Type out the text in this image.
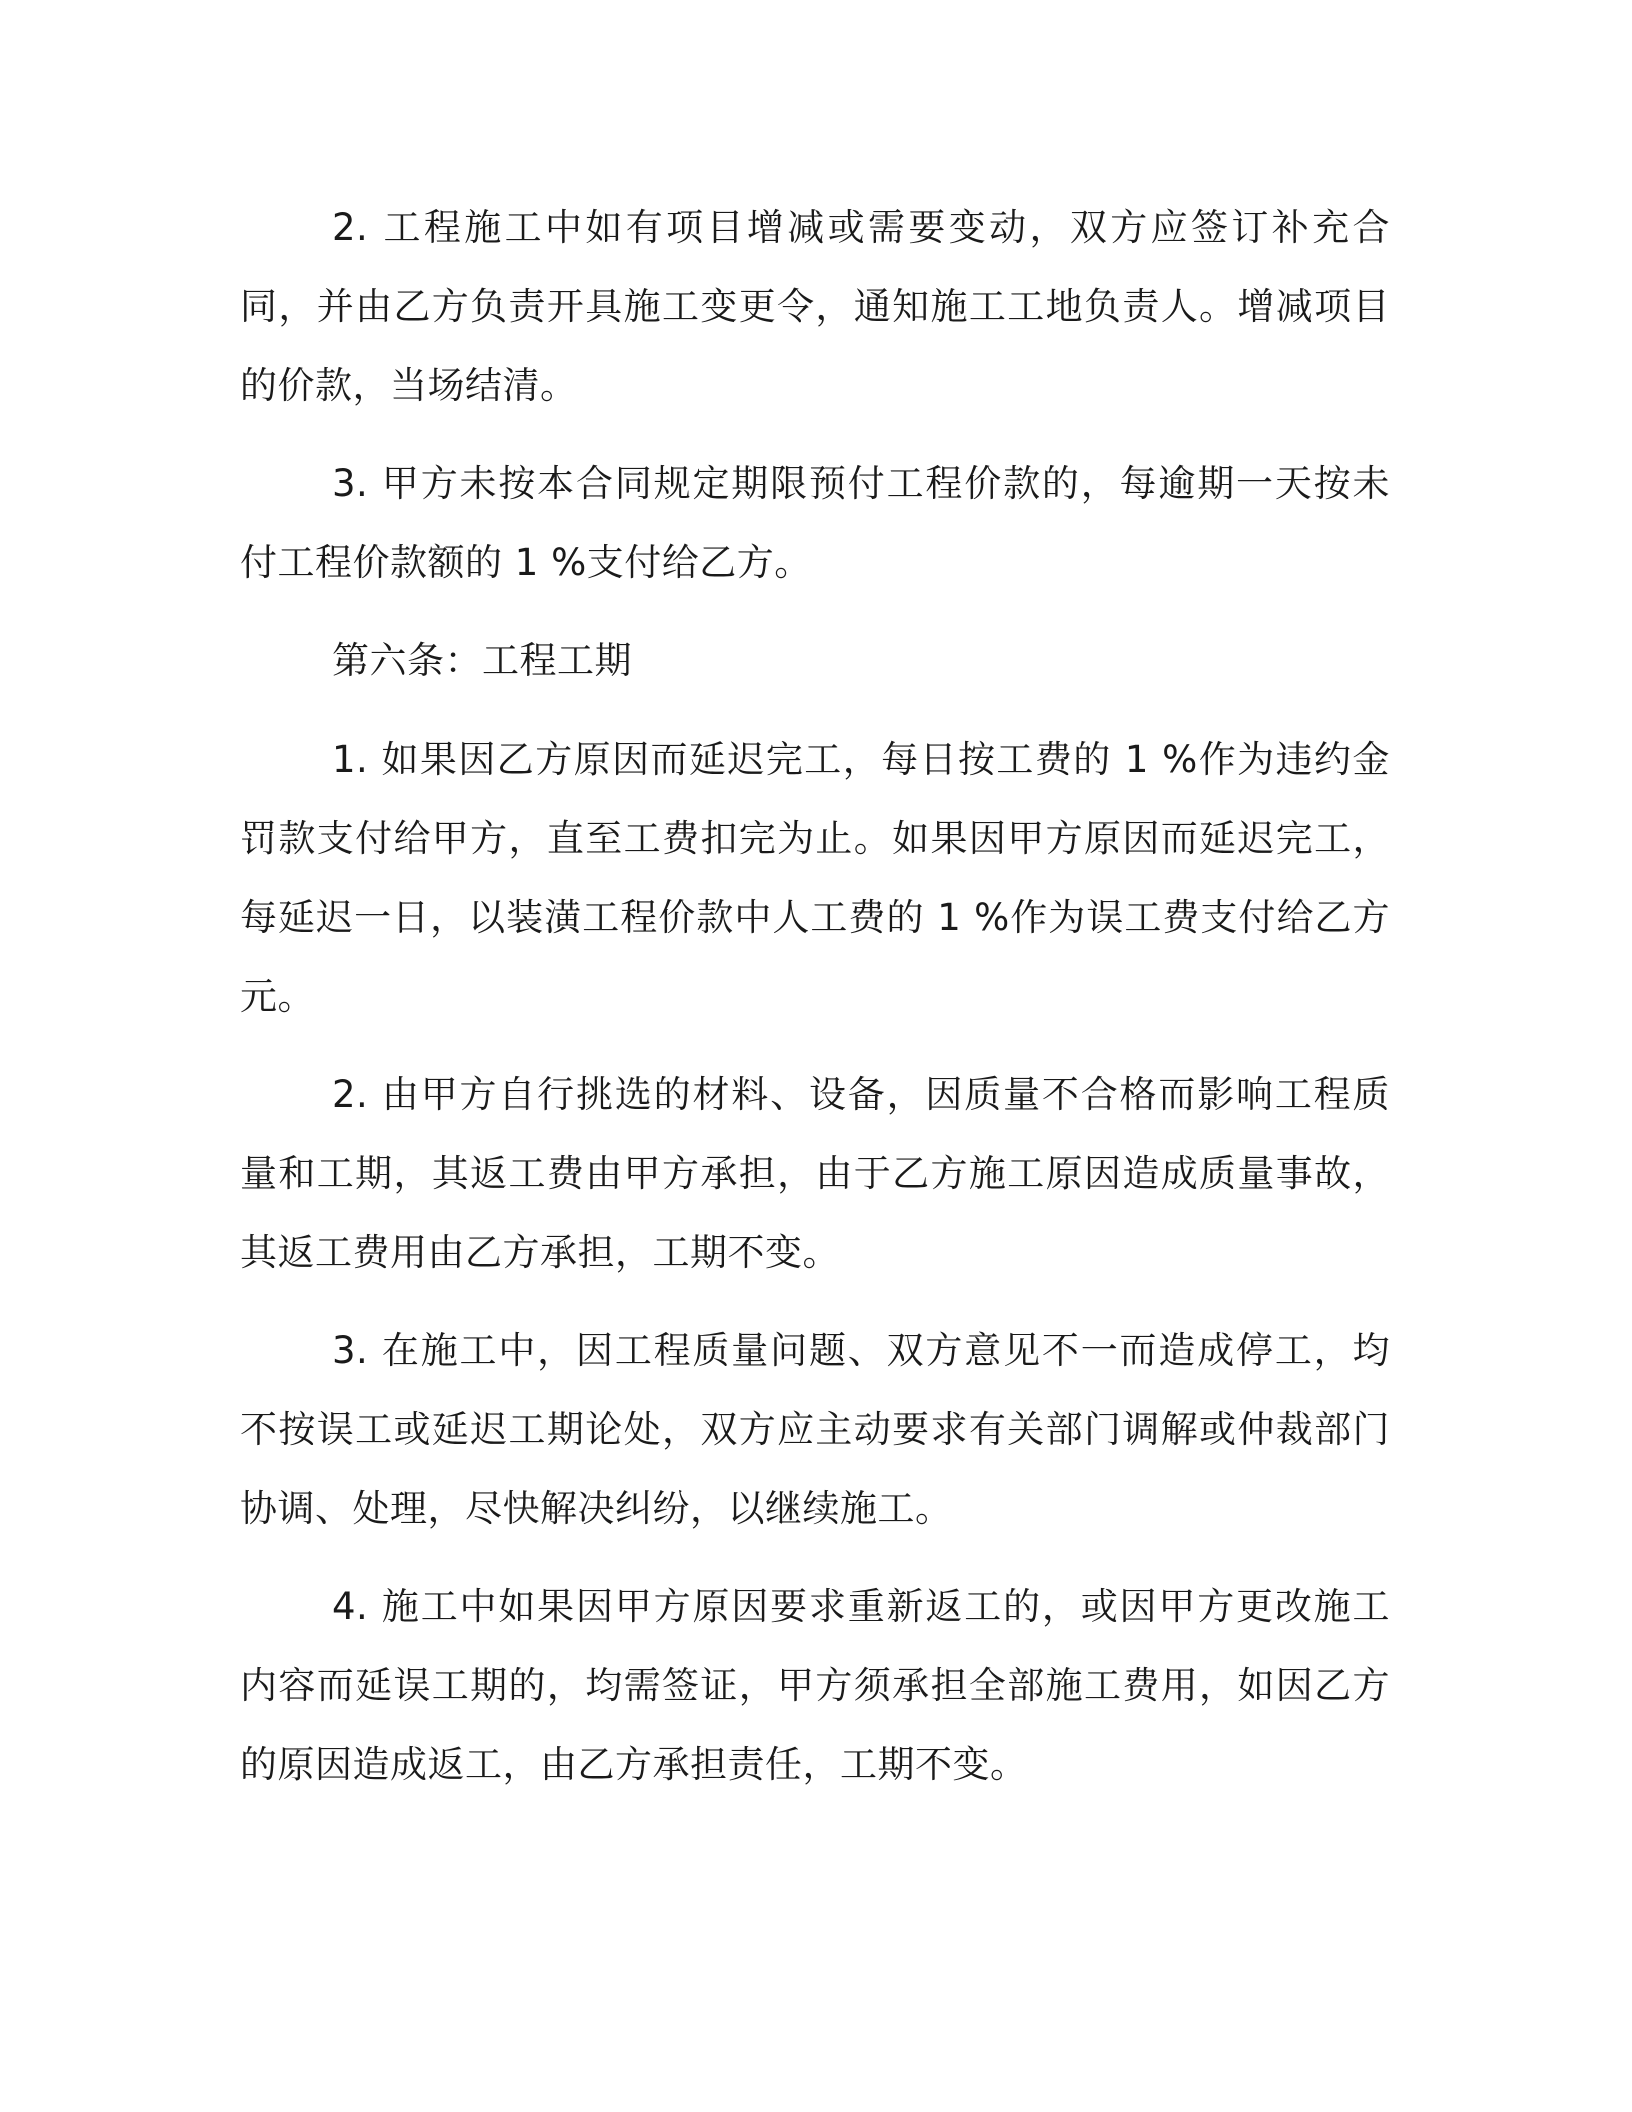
2. 工程施工中如有项目增减或需要变动，双方应签订补充合同，并由乙方负责开具施工变更令，通知施工工地负责人。增减项目的价款，当场结清。

3. 甲方未按本合同规定期限预付工程价款的，每逾期一天按未付工程价款额的 1 %支付给乙方。

第六条：工程工期

1. 如果因乙方原因而延迟完工，每日按工费的 1 %作为违约金罚款支付给甲方，直至工费扣完为止。如果因甲方原因而延迟完工，每延迟一日，以装潢工程价款中人工费的 1 %作为误工费支付给乙方 元。

2. 由甲方自行挑选的材料、设备，因质量不合格而影响工程质量和工期，其返工费由甲方承担，由于乙方施工原因造成质量事故，其返工费用由乙方承担，工期不变。

3. 在施工中，因工程质量问题、双方意见不一而造成停工，均不按误工或延迟工期论处，双方应主动要求有关部门调解或仲裁部门协调、处理，尽快解决纠纷，以继续施工。

4. 施工中如果因甲方原因要求重新返工的，或因甲方更改施工内容而延误工期的，均需签证，甲方须承担全部施工费用，如因乙方的原因造成返工，由乙方承担责任，工期不变。
